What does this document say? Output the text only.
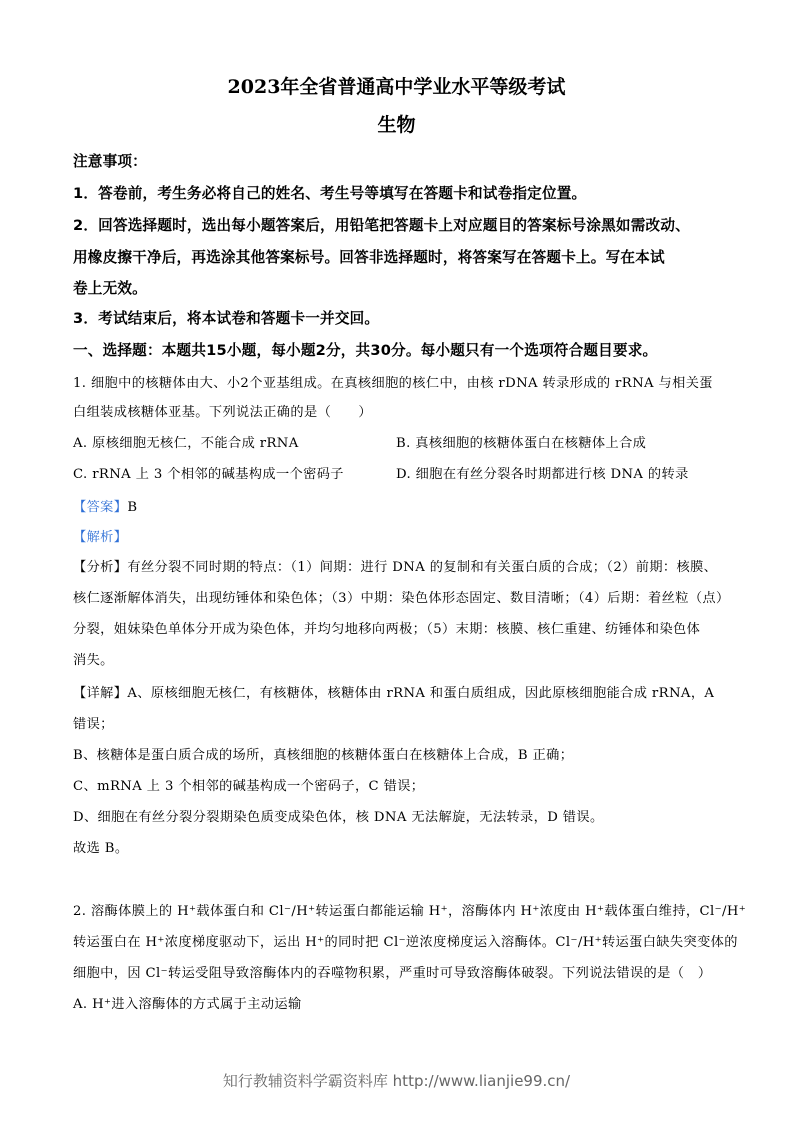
2023年全省普通高中学业水平等级考试
生物
注意事项：
1．答卷前，考生务必将自己的姓名、考生号等填写在答题卡和试卷指定位置。
2．回答选择题时，选出每小题答案后，用铅笔把答题卡上对应题目的答案标号涂黑如需改动、
用橡皮擦干净后，再选涂其他答案标号。回答非选择题时，将答案写在答题卡上。写在本试
卷上无效。
3．考试结束后，将本试卷和答题卡一并交回。
一、选择题：本题共15小题，每小题2分，共30分。每小题只有一个选项符合题目要求。
1. 细胞中的核糖体由大、小2个亚基组成。在真核细胞的核仁中，由核 rDNA 转录形成的 rRNA 与相关蛋
白组装成核糖体亚基。下列说法正确的是（　　）
A. 原核细胞无核仁，不能合成 rRNA	B. 真核细胞的核糖体蛋白在核糖体上合成
C. rRNA 上 3 个相邻的碱基构成一个密码子	D. 细胞在有丝分裂各时期都进行核 DNA 的转录
【答案】B
【解析】
【分析】有丝分裂不同时期的特点：（1）间期：进行 DNA 的复制和有关蛋白质的合成；（2）前期：核膜、
核仁逐渐解体消失，出现纺锤体和染色体；（3）中期：染色体形态固定、数目清晰；（4）后期：着丝粒（点）
分裂，姐妹染色单体分开成为染色体，并均匀地移向两极；（5）末期：核膜、核仁重建、纺锤体和染色体
消失。
【详解】A、原核细胞无核仁，有核糖体，核糖体由 rRNA 和蛋白质组成，因此原核细胞能合成 rRNA，A
错误；
B、核糖体是蛋白质合成的场所，真核细胞的核糖体蛋白在核糖体上合成，B 正确；
C、mRNA 上 3 个相邻的碱基构成一个密码子，C 错误；
D、细胞在有丝分裂分裂期染色质变成染色体，核 DNA 无法解旋，无法转录，D 错误。
故选 B。
2. 溶酶体膜上的 H⁺载体蛋白和 Cl⁻/H⁺转运蛋白都能运输 H⁺，溶酶体内 H⁺浓度由 H⁺载体蛋白维持，Cl⁻/H⁺
转运蛋白在 H⁺浓度梯度驱动下，运出 H⁺的同时把 Cl⁻逆浓度梯度运入溶酶体。Cl⁻/H⁺转运蛋白缺失突变体的
细胞中，因 Cl⁻转运受阻导致溶酶体内的吞噬物积累，严重时可导致溶酶体破裂。下列说法错误的是（　）
A. H⁺进入溶酶体的方式属于主动运输
知行教辅资料学霸资料库 http://www.lianjie99.cn/
